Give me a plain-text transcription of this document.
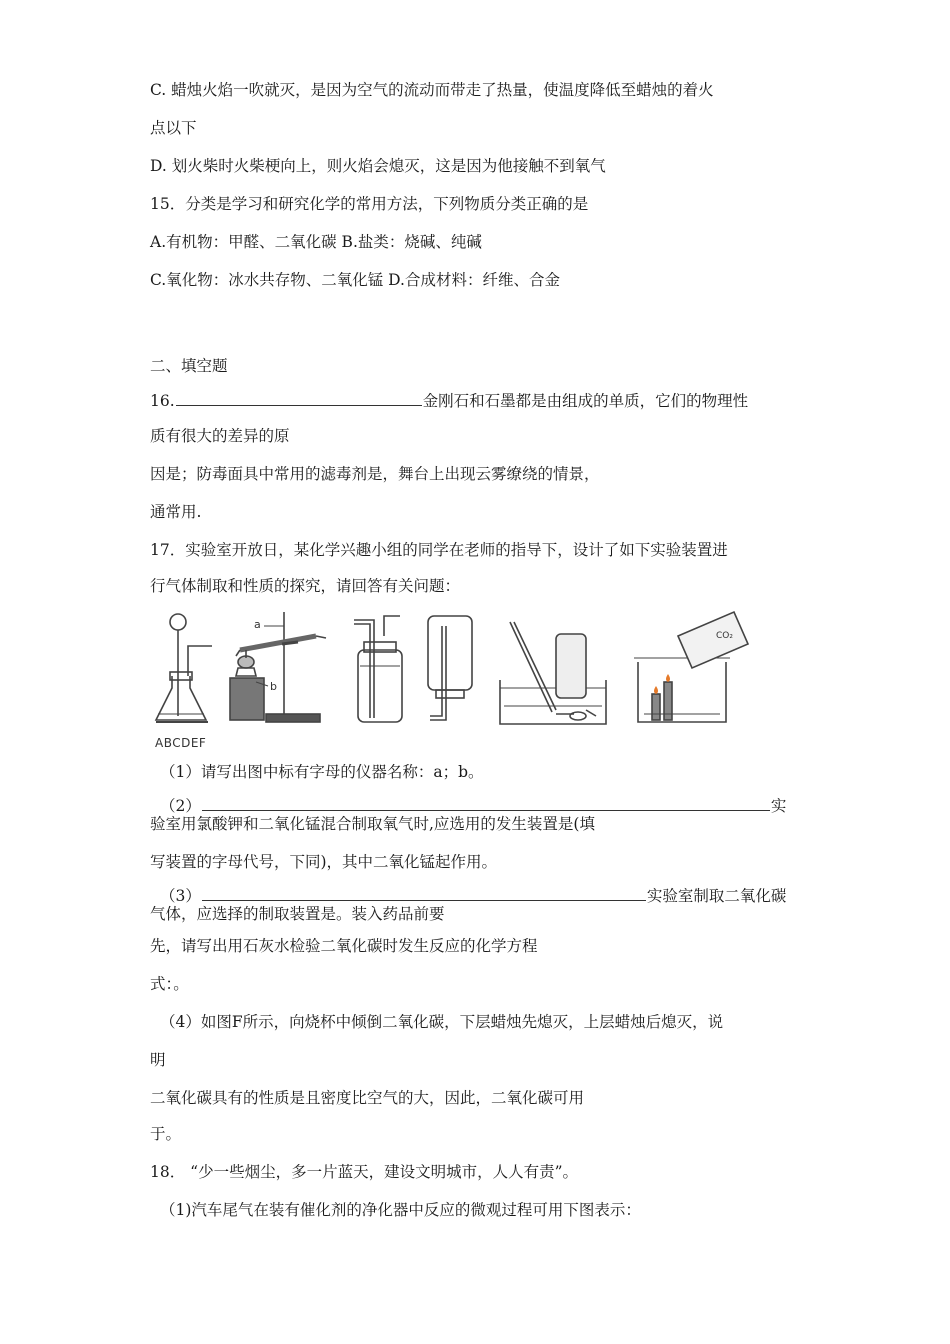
C. 蜡烛火焰一吹就灭，是因为空气的流动而带走了热量，使温度降低至蜡烛的着火
点以下
D. 划火柴时火柴梗向上，则火焰会熄灭，这是因为他接触不到氧气
15．分类是学习和研究化学的常用方法，下列物质分类正确的是
A.有机物：甲醛、二氧化碳 B.盐类：烧碱、纯碱
C.氧化物：冰水共存物、二氧化锰 D.合成材料：纤维、合金
二、填空题
16.	金刚石和石墨都是由组成的单质，它们的物理性
质有很大的差异的原
因是；防毒面具中常用的滤毒剂是，舞台上出现云雾缭绕的情景，
通常用.
17．实验室开放日，某化学兴趣小组的同学在老师的指导下，设计了如下实验装置进
行气体制取和性质的探究，请回答有关问题：
a
b
CO₂
ABCDEF
（1）请写出图中标有字母的仪器名称：a；b。
（2）	实
验室用氯酸钾和二氧化锰混合制取氧气时,应选用的发生装置是(填
写装置的字母代号，下同)，其中二氧化锰起作用。
（3）	实验室制取二氧化碳
气体，应选择的制取装置是。装入药品前要
先，请写出用石灰水检验二氧化碳时发生反应的化学方程
式：。
（4）如图F所示，向烧杯中倾倒二氧化碳，下层蜡烛先熄灭，上层蜡烛后熄灭，说
明
二氧化碳具有的性质是且密度比空气的大，因此，二氧化碳可用
于。
18． “少一些烟尘，多一片蓝天，建设文明城市，人人有责”。
（1)汽车尾气在装有催化剂的净化器中反应的微观过程可用下图表示：
